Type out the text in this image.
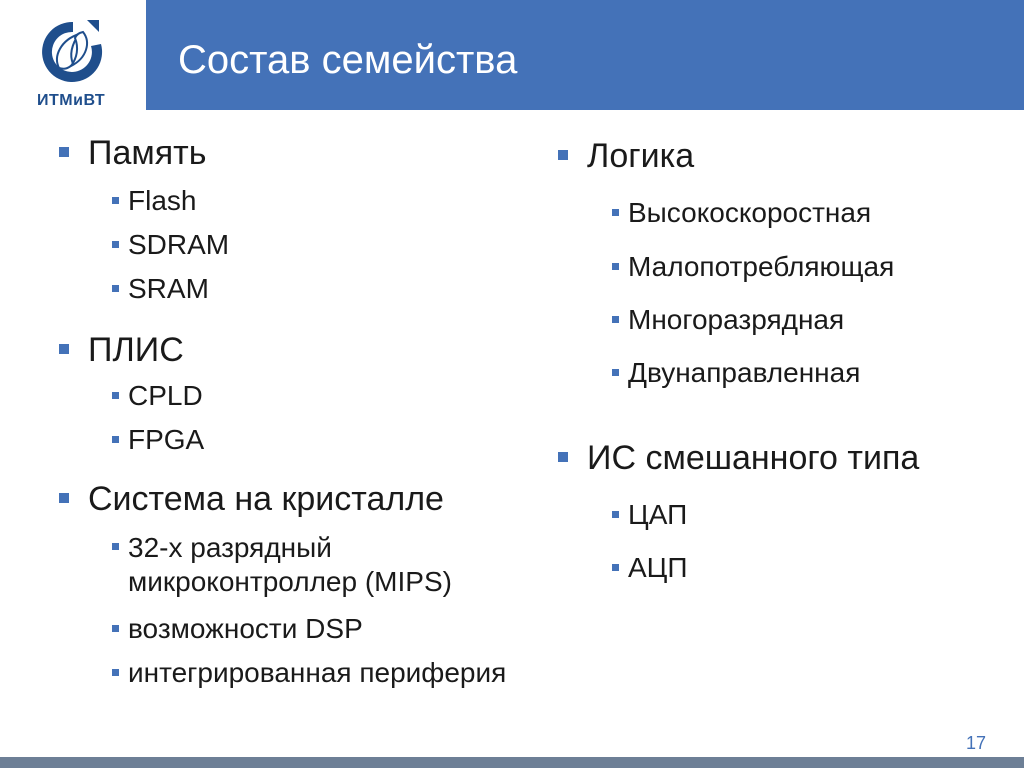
ИТМиВТ
Состав семейства
Память
Flash
SDRAM
SRAM
ПЛИС
CPLD
FPGA
Система на кристалле
32-х разрядный микроконтроллер (MIPS)
возможности DSP
интегрированная периферия
Логика
Высокоскоростная
Малопотребляющая
Многоразрядная
Двунаправленная
ИС смешанного типа
ЦАП
АЦП
17
